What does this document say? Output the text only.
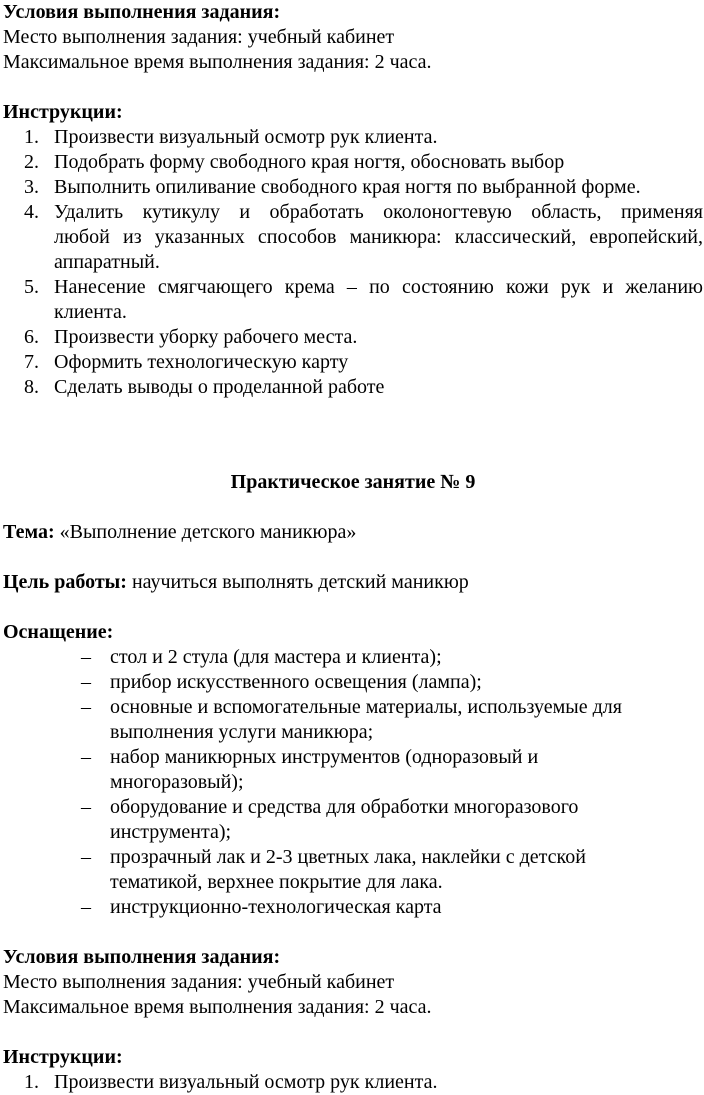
Условия выполнения задания:

Место выполнения задания: учебный кабинет

Максимальное время выполнения задания: 2 часа.

Инструкции:

1. Произвести визуальный осмотр рук клиента.
2. Подобрать форму свободного края ногтя, обосновать выбор
3. Выполнить опиливание свободного края ногтя по выбранной форме.
4. Удалить кутикулу и обработать околоногтевую область, применяя
любой из указанных способов маникюра: классический, европейский,
аппаратный.
5. Нанесение смягчающего крема – по состоянию кожи рук и желанию
клиента.
6. Произвести уборку рабочего места.
7. Оформить технологическую карту
8. Сделать выводы о проделанной работе

Практическое занятие № 9

Тема: «Выполнение детского маникюра»

Цель работы: научиться выполнять детский маникюр

Оснащение:

– стол и 2 стула (для мастера и клиента);
– прибор искусственного освещения (лампа);
– основные и вспомогательные материалы, используемые для
выполнения услуги маникюра;
– набор маникюрных инструментов (одноразовый и
многоразовый);
– оборудование и средства для обработки многоразового
инструмента);
– прозрачный лак и 2-3 цветных лака, наклейки с детской
тематикой, верхнее покрытие для лака.
– инструкционно-технологическая карта

Условия выполнения задания:

Место выполнения задания: учебный кабинет

Максимальное время выполнения задания: 2 часа.

Инструкции:

1. Произвести визуальный осмотр рук клиента.
